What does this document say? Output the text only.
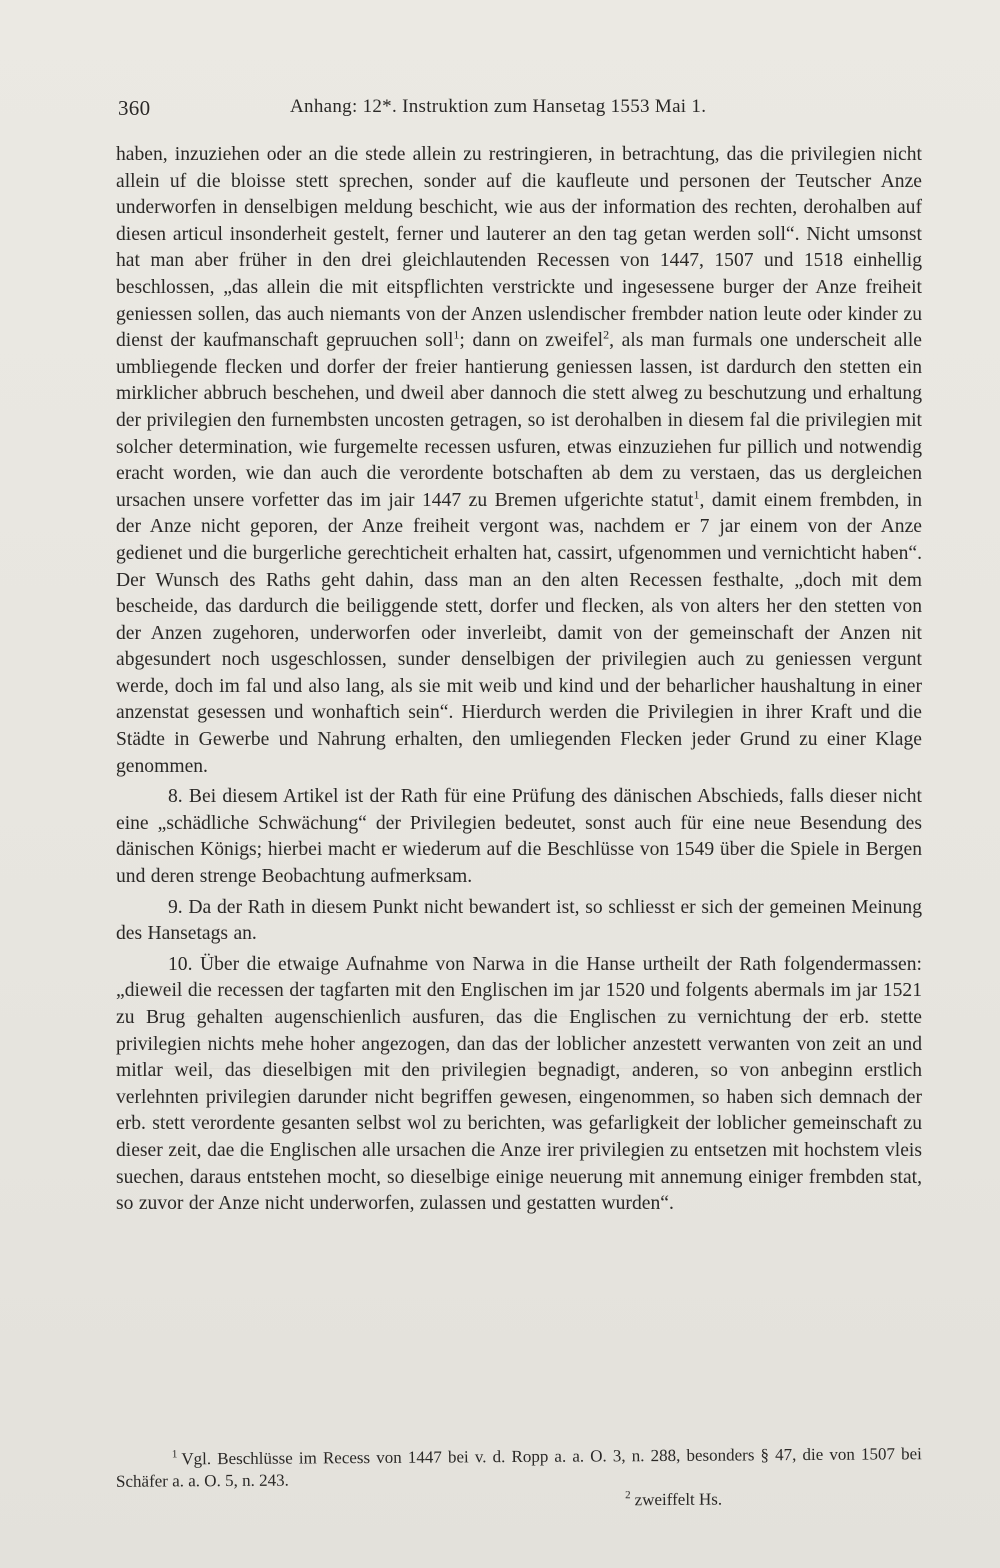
360	Anhang: 12*. Instruktion zum Hansetag 1553 Mai 1.

haben, inzuziehen oder an die stede allein zu restringieren, in betrachtung, das die privilegien nicht allein uf die bloisse stett sprechen, sonder auf die kaufleute und personen der Teutscher Anze underworfen in denselbigen meldung beschicht, wie aus der information des rechten, derohalben auf diesen articul insonderheit gestelt, ferner und lauterer an den tag getan werden soll“. Nicht umsonst hat man aber früher in den drei gleichlautenden Recessen von 1447, 1507 und 1518 einhellig beschlossen, „das allein die mit eitspflichten verstrickte und ingesessene burger der Anze freiheit geniessen sollen, das auch niemants von der Anzen uslendischer frembder nation leute oder kinder zu dienst der kaufmanschaft gepruuchen soll$^1$; dann on zweifel$^2$, als man furmals one underscheit alle umbliegende flecken und dorfer der freier hantierung geniessen lassen, ist dardurch den stetten ein mirklicher abbruch beschehen, und dweil aber dannoch die stett alweg zu beschutzung und erhaltung der privilegien den furnembsten uncosten getragen, so ist derohalben in diesem fal die privilegien mit solcher determination, wie furgemelte recessen usfuren, etwas einzuziehen fur pillich und notwendig eracht worden, wie dan auch die verordente botschaften ab dem zu verstaen, das us dergleichen ursachen unsere vorfetter das im jair 1447 zu Bremen ufgerichte statut$^1$, damit einem frembden, in der Anze nicht geporen, der Anze freiheit vergont was, nachdem er 7 jar einem von der Anze gedienet und die burgerliche gerechticheit erhalten hat, cassirt, ufgenommen und vernichticht haben“. Der Wunsch des Raths geht dahin, dass man an den alten Recessen festhalte, „doch mit dem bescheide, das dardurch die beiliggende stett, dorfer und flecken, als von alters her den stetten von der Anzen zugehoren, underworfen oder inverleibt, damit von der gemeinschaft der Anzen nit abgesundert noch usgeschlossen, sunder denselbigen der privilegien auch zu geniessen vergunt werde, doch im fal und also lang, als sie mit weib und kind und der beharlicher haushaltung in einer anzenstat gesessen und wonhaftich sein“. Hierdurch werden die Privilegien in ihrer Kraft und die Städte in Gewerbe und Nahrung erhalten, den umliegenden Flecken jeder Grund zu einer Klage genommen.

8. Bei diesem Artikel ist der Rath für eine Prüfung des dänischen Abschieds, falls dieser nicht eine „schädliche Schwächung“ der Privilegien bedeutet, sonst auch für eine neue Besendung des dänischen Königs; hierbei macht er wiederum auf die Beschlüsse von 1549 über die Spiele in Bergen und deren strenge Beobachtung aufmerksam.

9. Da der Rath in diesem Punkt nicht bewandert ist, so schliesst er sich der gemeinen Meinung des Hansetags an.

10. Über die etwaige Aufnahme von Narwa in die Hanse urtheilt der Rath folgendermassen: „dieweil die recessen der tagfarten mit den Englischen im jar 1520 und folgents abermals im jar 1521 zu Brug gehalten augenschienlich ausfuren, das die Englischen zu vernichtung der erb. stette privilegien nichts mehe hoher angezogen, dan das der loblicher anzestett verwanten von zeit an und mitlar weil, das dieselbigen mit den privilegien begnadigt, anderen, so von anbeginn erstlich verlehnten privilegien darunder nicht begriffen gewesen, eingenommen, so haben sich demnach der erb. stett verordente gesanten selbst wol zu berichten, was gefarligkeit der loblicher gemeinschaft zu dieser zeit, dae die Englischen alle ursachen die Anze irer privilegien zu entsetzen mit hochstem vleis suechen, daraus entstehen mocht, so dieselbige einige neuerung mit annemung einiger frembden stat, so zuvor der Anze nicht underworfen, zulassen und gestatten wurden“.

$^1$ Vgl. Beschlüsse im Recess von 1447 bei v. d. Ropp a. a. O. 3, n. 288, besonders § 47, die von 1507 bei Schäfer a. a. O. 5, n. 243.

$^2$ zweiffelt Hs.
